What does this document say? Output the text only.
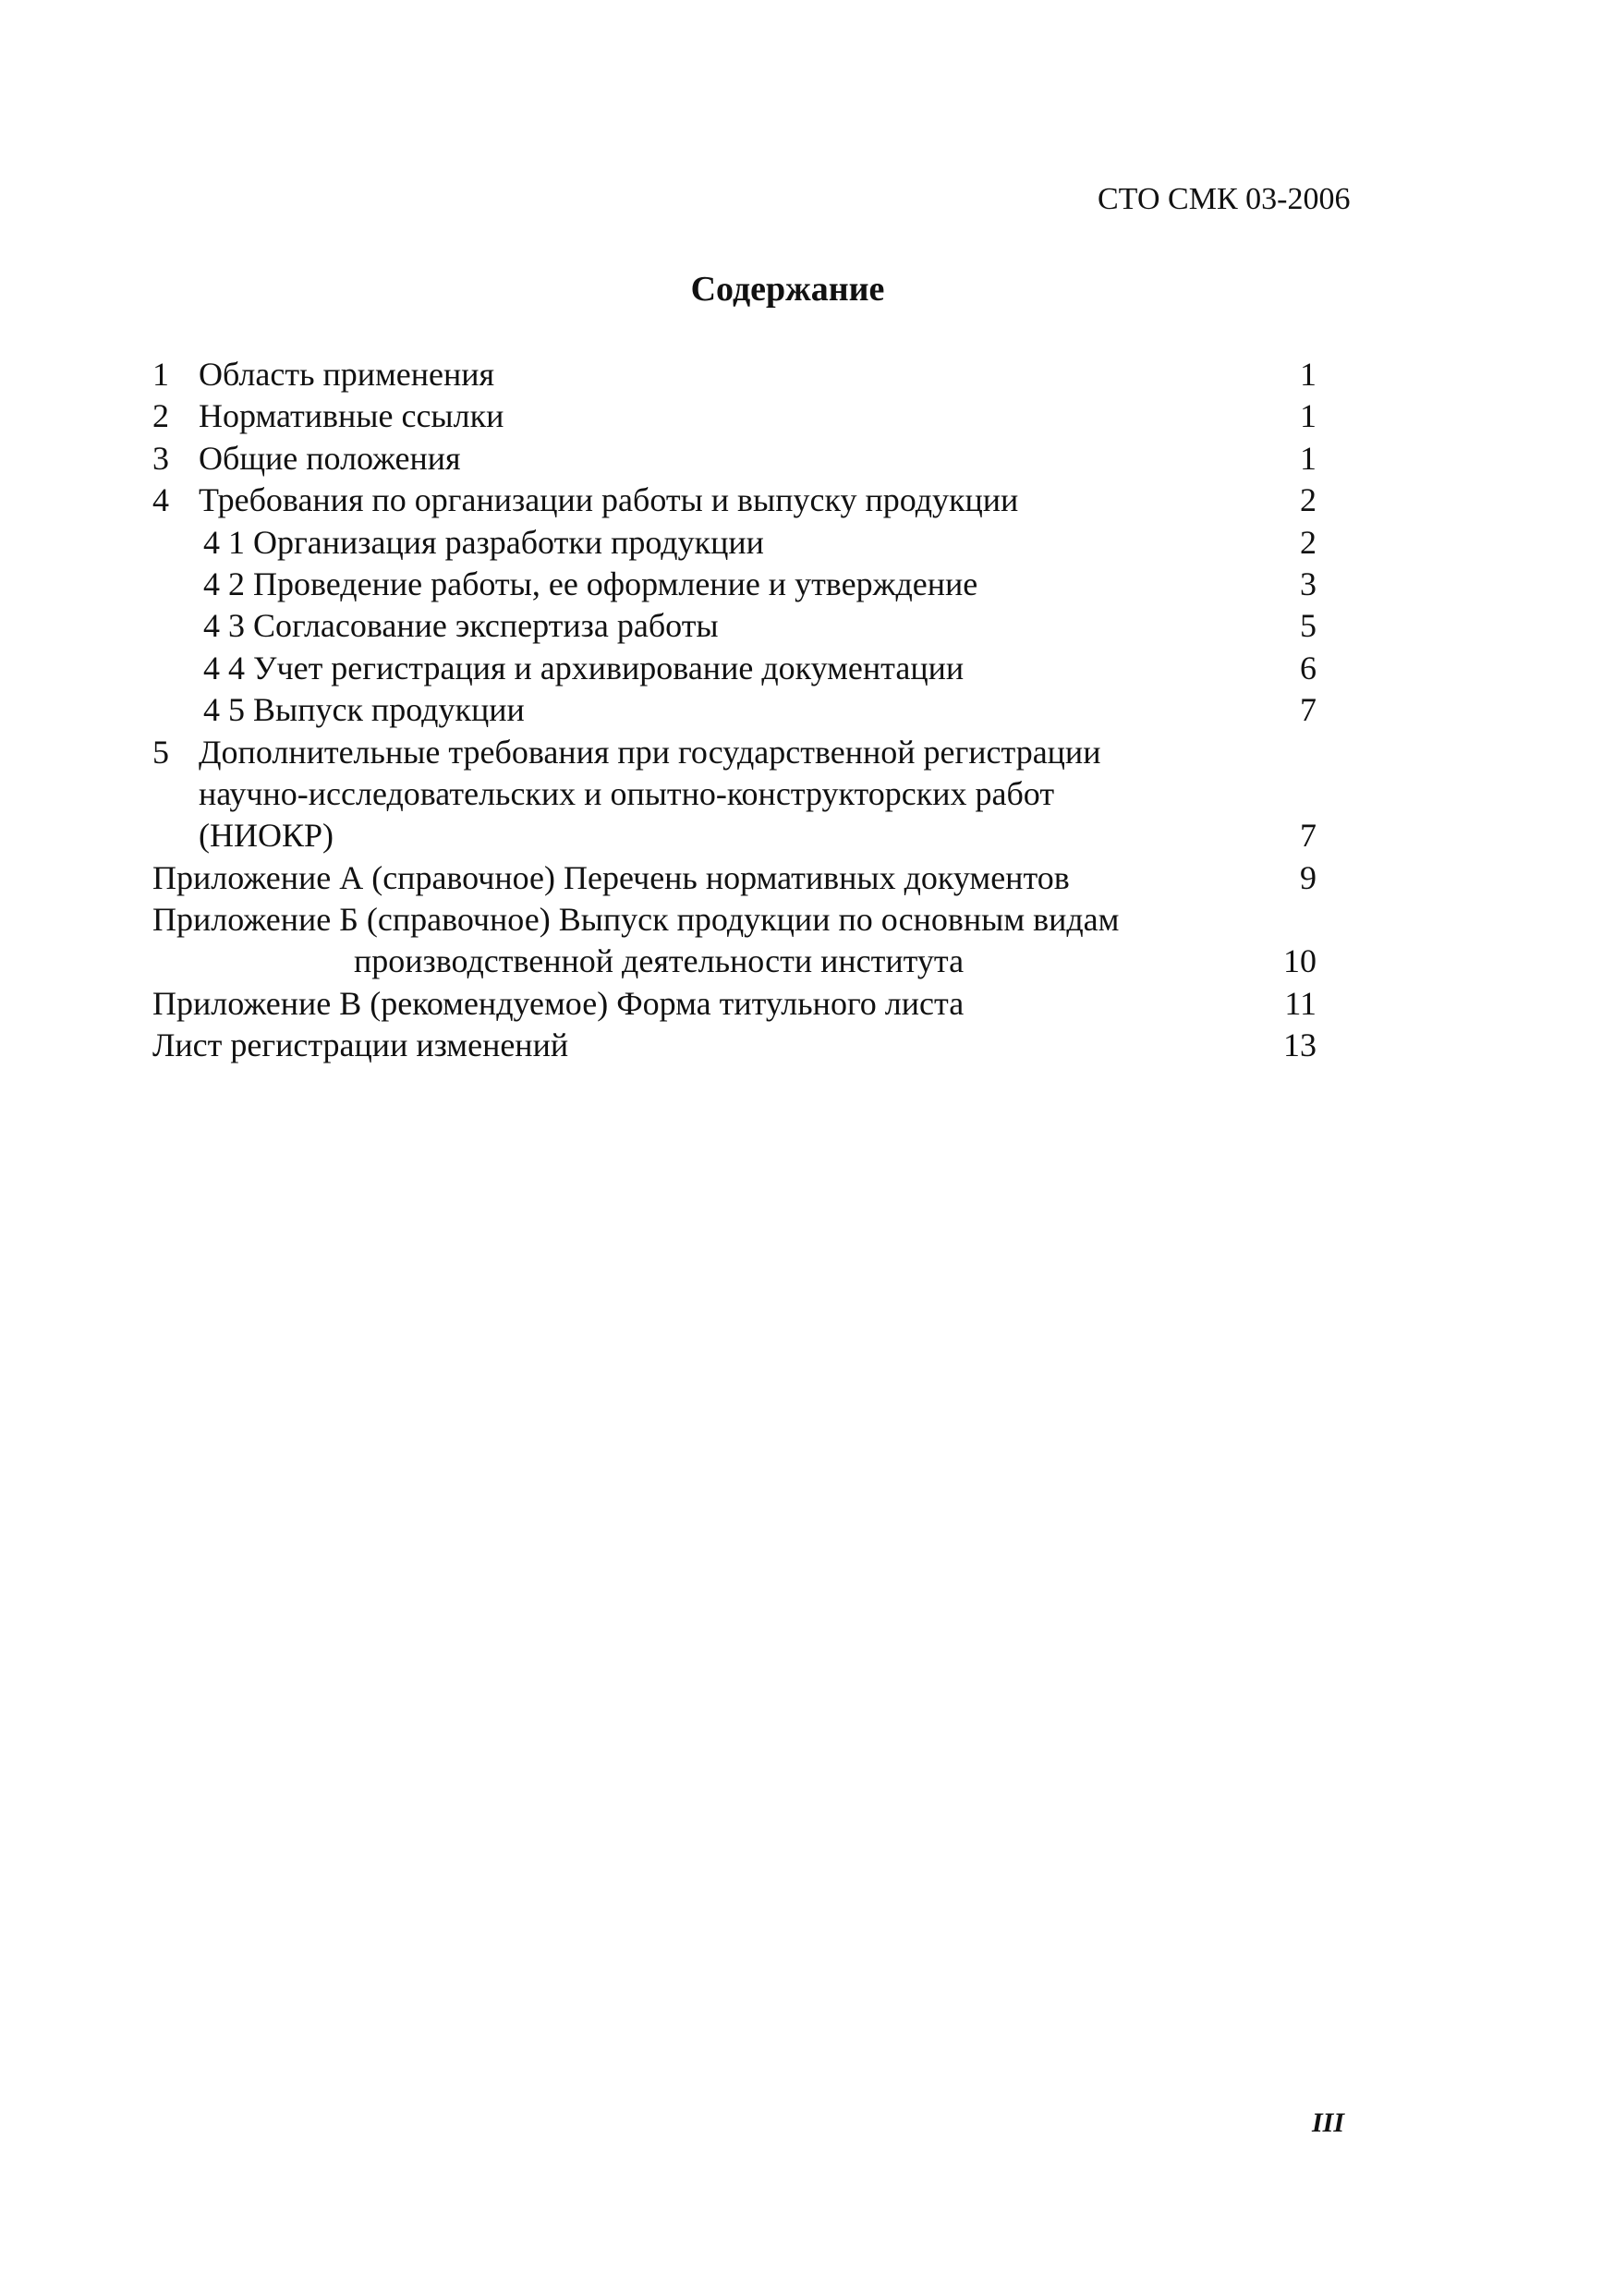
СТО СМК 03-2006
Содержание
1 Область применения	1
2 Нормативные ссылки	1
3 Общие положения	1
4 Требования по организации работы и выпуску продукции	2
4 1 Организация разработки продукции	2
4 2 Проведение работы, ее оформление и утверждение	3
4 3 Согласование экспертиза работы	5
4 4 Учет регистрация и архивирование документации	6
4 5 Выпуск продукции	7
5 Дополнительные требования при государственной регистрации
научно-исследовательских и опытно-конструкторских работ
(НИОКР)	7
Приложение А (справочное) Перечень нормативных документов	9
Приложение Б (справочное) Выпуск продукции по основным видам
производственной деятельности института	10
Приложение В (рекомендуемое) Форма титульного листа	11
Лист регистрации изменений	13
III
